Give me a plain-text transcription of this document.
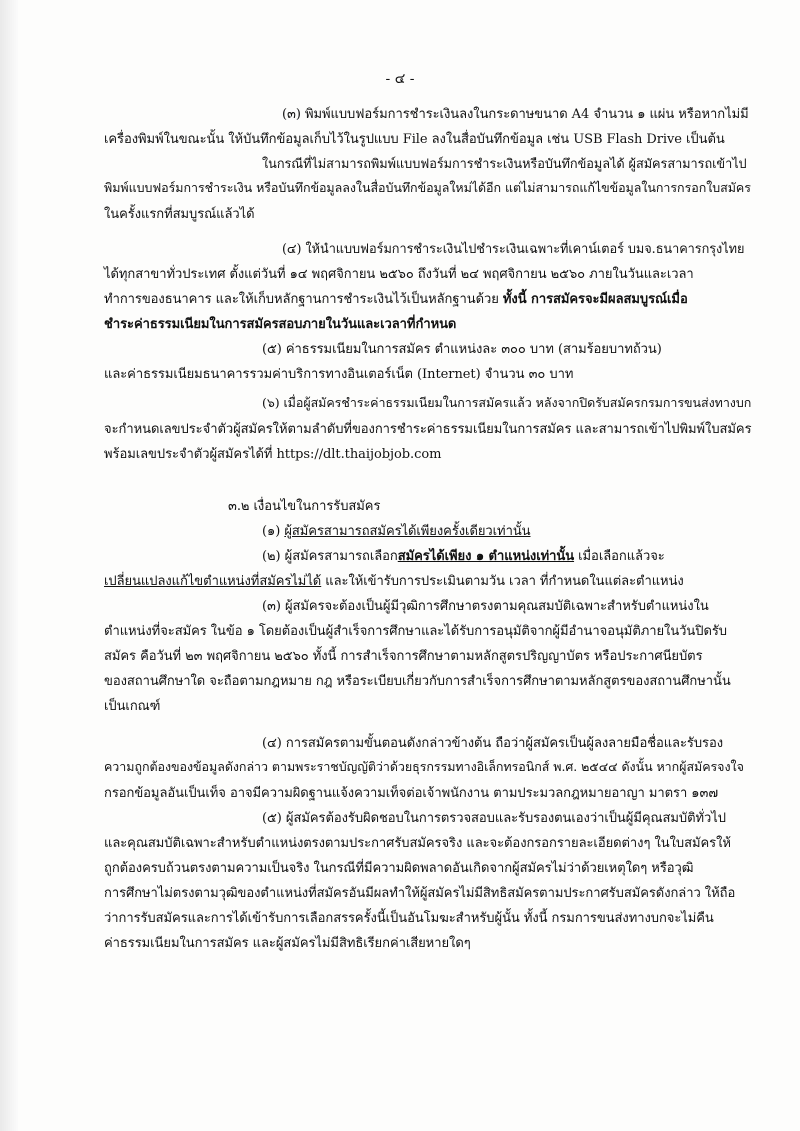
- ๔ -
(๓) พิมพ์แบบฟอร์มการชำระเงินลงในกระดาษขนาด A4 จำนวน ๑ แผ่น หรือหากไม่มี
เครื่องพิมพ์ในขณะนั้น ให้บันทึกข้อมูลเก็บไว้ในรูปแบบ File ลงในสื่อบันทึกข้อมูล เช่น USB Flash Drive เป็นต้น
ในกรณีที่ไม่สามารถพิมพ์แบบฟอร์มการชำระเงินหรือบันทึกข้อมูลได้ ผู้สมัครสามารถเข้าไป
พิมพ์แบบฟอร์มการชำระเงิน หรือบันทึกข้อมูลลงในสื่อบันทึกข้อมูลใหม่ได้อีก แต่ไม่สามารถแก้ไขข้อมูลในการกรอกใบสมัคร
ในครั้งแรกที่สมบูรณ์แล้วได้
(๔) ให้นำแบบฟอร์มการชำระเงินไปชำระเงินเฉพาะที่เคาน์เตอร์ บมจ.ธนาคารกรุงไทย
ได้ทุกสาขาทั่วประเทศ ตั้งแต่วันที่ ๑๔ พฤศจิกายน ๒๕๖๐ ถึงวันที่ ๒๔ พฤศจิกายน ๒๕๖๐ ภายในวันและเวลา
ทำการของธนาคาร และให้เก็บหลักฐานการชำระเงินไว้เป็นหลักฐานด้วย ทั้งนี้ การสมัครจะมีผลสมบูรณ์เมื่อ
ชำระค่าธรรมเนียมในการสมัครสอบภายในวันและเวลาที่กำหนด
(๕) ค่าธรรมเนียมในการสมัคร ตำแหน่งละ ๓๐๐ บาท (สามร้อยบาทถ้วน)
และค่าธรรมเนียมธนาคารรวมค่าบริการทางอินเตอร์เน็ต (Internet) จำนวน ๓๐ บาท
(๖) เมื่อผู้สมัครชำระค่าธรรมเนียมในการสมัครแล้ว หลังจากปิดรับสมัครกรมการขนส่งทางบก
จะกำหนดเลขประจำตัวผู้สมัครให้ตามลำดับที่ของการชำระค่าธรรมเนียมในการสมัคร และสามารถเข้าไปพิมพ์ใบสมัคร
พร้อมเลขประจำตัวผู้สมัครได้ที่ https://dlt.thaijobjob.com
๓.๒ เงื่อนไขในการรับสมัคร
(๑) ผู้สมัครสามารถสมัครได้เพียงครั้งเดียวเท่านั้น
(๒) ผู้สมัครสามารถเลือกสมัครได้เพียง ๑ ตำแหน่งเท่านั้น เมื่อเลือกแล้วจะ
เปลี่ยนแปลงแก้ไขตำแหน่งที่สมัครไม่ได้ และให้เข้ารับการประเมินตามวัน เวลา ที่กำหนดในแต่ละตำแหน่ง
(๓) ผู้สมัครจะต้องเป็นผู้มีวุฒิการศึกษาตรงตามคุณสมบัติเฉพาะสำหรับตำแหน่งใน
ตำแหน่งที่จะสมัคร ในข้อ ๑ โดยต้องเป็นผู้สำเร็จการศึกษาและได้รับการอนุมัติจากผู้มีอำนาจอนุมัติภายในวันปิดรับ
สมัคร คือวันที่ ๒๓ พฤศจิกายน ๒๕๖๐ ทั้งนี้ การสำเร็จการศึกษาตามหลักสูตรปริญญาบัตร หรือประกาศนียบัตร
ของสถานศึกษาใด จะถือตามกฎหมาย กฎ หรือระเบียบเกี่ยวกับการสำเร็จการศึกษาตามหลักสูตรของสถานศึกษานั้น
เป็นเกณฑ์
(๔) การสมัครตามขั้นตอนดังกล่าวข้างต้น ถือว่าผู้สมัครเป็นผู้ลงลายมือชื่อและรับรอง
ความถูกต้องของข้อมูลดังกล่าว ตามพระราชบัญญัติว่าด้วยธุรกรรมทางอิเล็กทรอนิกส์ พ.ศ. ๒๕๔๔ ดังนั้น หากผู้สมัครจงใจ
กรอกข้อมูลอันเป็นเท็จ อาจมีความผิดฐานแจ้งความเท็จต่อเจ้าพนักงาน ตามประมวลกฎหมายอาญา มาตรา ๑๓๗
(๕) ผู้สมัครต้องรับผิดชอบในการตรวจสอบและรับรองตนเองว่าเป็นผู้มีคุณสมบัติทั่วไป
และคุณสมบัติเฉพาะสำหรับตำแหน่งตรงตามประกาศรับสมัครจริง และจะต้องกรอกรายละเอียดต่างๆ ในใบสมัครให้
ถูกต้องครบถ้วนตรงตามความเป็นจริง ในกรณีที่มีความผิดพลาดอันเกิดจากผู้สมัครไม่ว่าด้วยเหตุใดๆ หรือวุฒิ
การศึกษาไม่ตรงตามวุฒิของตำแหน่งที่สมัครอันมีผลทำให้ผู้สมัครไม่มีสิทธิสมัครตามประกาศรับสมัครดังกล่าว ให้ถือ
ว่าการรับสมัครและการได้เข้ารับการเลือกสรรครั้งนี้เป็นอันโมฆะสำหรับผู้นั้น ทั้งนี้ กรมการขนส่งทางบกจะไม่คืน
ค่าธรรมเนียมในการสมัคร และผู้สมัครไม่มีสิทธิเรียกค่าเสียหายใดๆ
